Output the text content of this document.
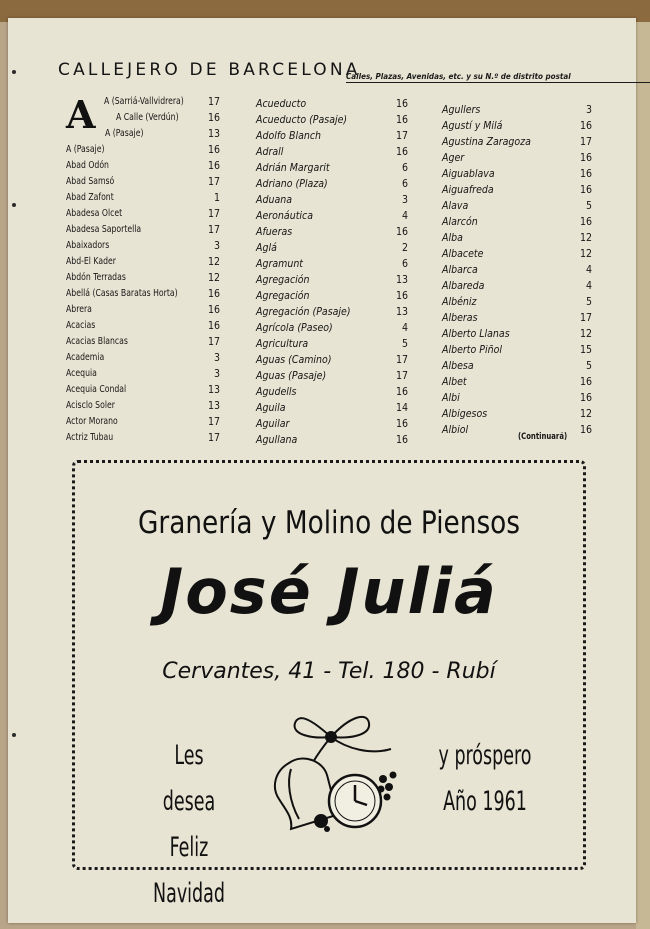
CALLEJERO DE BARCELONA
Calles, Plazas, Avenidas, etc. y su N.º de distrito postal
A A (Sarriá-Vallvidrera)	17
A Calle (Verdún)	16
A (Pasaje)	13
A (Pasaje)	16
Abad Odón	16
Abad Samsó	17
Abad Zafont	1
Abadesa Olcet	17
Abadesa Saportella	17
Abaixadors	3
Abd-El Kader	12
Abdón Terradas	12
Abellá (Casas Baratas Horta)	16
Abrera	16
Acacias	16
Acacias Blancas	17
Academia	3
Acequia	3
Acequia Condal	13
Acisclo Soler	13
Actor Morano	17
Actriz Tubau	17
Acueducto	16
Acueducto (Pasaje)	16
Adolfo Blanch	17
Adrall	16
Adrián Margarit	6
Adriano (Plaza)	6
Aduana	3
Aeronáutica	4
Afueras	16
Aglá	2
Agramunt	6
Agregación	13
Agregación	16
Agregación (Pasaje)	13
Agrícola (Paseo)	4
Agricultura	5
Aguas (Camino)	17
Aguas (Pasaje)	17
Agudells	16
Aguila	14
Aguilar	16
Agullana	16
Agullers	3
Agustí y Milá	16
Agustina Zaragoza	17
Ager	16
Aiguablava	16
Aiguafreda	16
Alava	5
Alarcón	16
Alba	12
Albacete	12
Albarca	4
Albareda	4
Albéniz	5
Alberas	17
Alberto Llanas	12
Alberto Piñol	15
Albesa	5
Albet	16
Albi	16
Albigesos	12
Albiol	16
(Continuará)
Granería y Molino de Piensos
José Juliá
Cervantes, 41 - Tel. 180 - Rubí
Les desea
Feliz Navidad
y próspero
Año 1961
